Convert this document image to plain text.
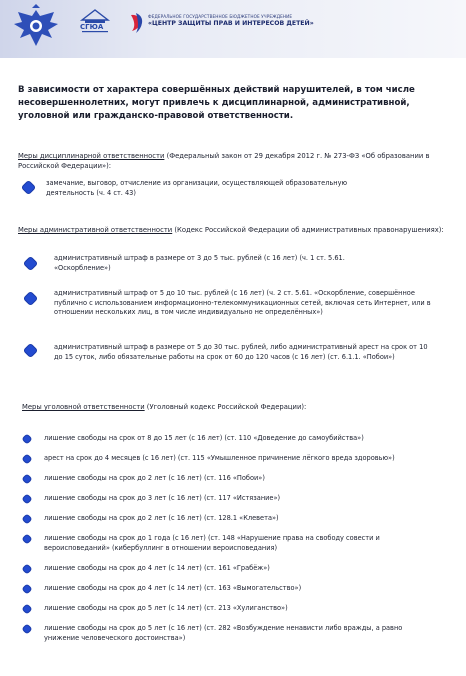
СГЮА
ФЕДЕРАЛЬНОЕ ГОСУДАРСТВЕННОЕ БЮДЖЕТНОЕ УЧРЕЖДЕНИЕ
«ЦЕНТР ЗАЩИТЫ ПРАВ И ИНТЕРЕСОВ ДЕТЕЙ»
В зависимости от характера совершённых действий нарушителей, в том числе несовершеннолетних, могут привлечь к дисциплинарной, административной, уголовной или гражданско-правовой ответственности.
Меры дисциплинарной ответственности (Федеральный закон от 29 декабря 2012 г. № 273-ФЗ «Об образовании в Российской Федерации»):
замечание, выговор, отчисление из организации, осуществляющей образовательную деятельность (ч. 4 ст. 43)
Меры административной ответственности (Кодекс Российской Федерации об административных правонарушениях):
административный штраф в размере от 3 до 5 тыс. рублей (с 16 лет) (ч. 1 ст. 5.61. «Оскорбление»)
административный штраф от 5 до 10 тыс. рублей (с 16 лет) (ч. 2 ст. 5.61. «Оскорбление, совершённое публично с использованием информационно-телекоммуникационных сетей, включая сеть Интернет, или в отношении нескольких лиц, в том числе индивидуально не определённых»)
административный штраф в размере от 5 до 30 тыс. рублей, либо административный арест на срок от 10 до 15 суток, либо обязательные работы на срок от 60 до 120 часов (с 16 лет) (ст. 6.1.1. «Побои»)
Меры уголовной ответственности (Уголовный кодекс Российской Федерации):
лишение свободы на срок от 8 до 15 лет (с 16 лет) (ст. 110 «Доведение до самоубийства»)
арест на срок до 4 месяцев (с 16 лет) (ст. 115 «Умышленное причинение лёгкого вреда здоровью»)
лишение свободы на срок до 2 лет (с 16 лет) (ст. 116 «Побои»)
лишение свободы на срок до 3 лет (с 16 лет) (ст. 117 «Истязание»)
лишение свободы на срок до 2 лет (с 16 лет) (ст. 128.1 «Клевета»)
лишение свободы на срок до 1 года (с 16 лет) (ст. 148 «Нарушение права на свободу совести и вероисповеданий» (кибербуллинг в отношении вероисповедания)
лишение свободы на срок до 4 лет (с 14 лет) (ст. 161 «Грабёж»)
лишение свободы на срок до 4 лет (с 14 лет) (ст. 163 «Вымогательство»)
лишение свободы на срок до 5 лет (с 14 лет) (ст. 213 «Хулиганство»)
лишение свободы на срок до 5 лет (с 16 лет) (ст. 282 «Возбуждение ненависти либо вражды, а равно унижение человеческого достоинства»)
